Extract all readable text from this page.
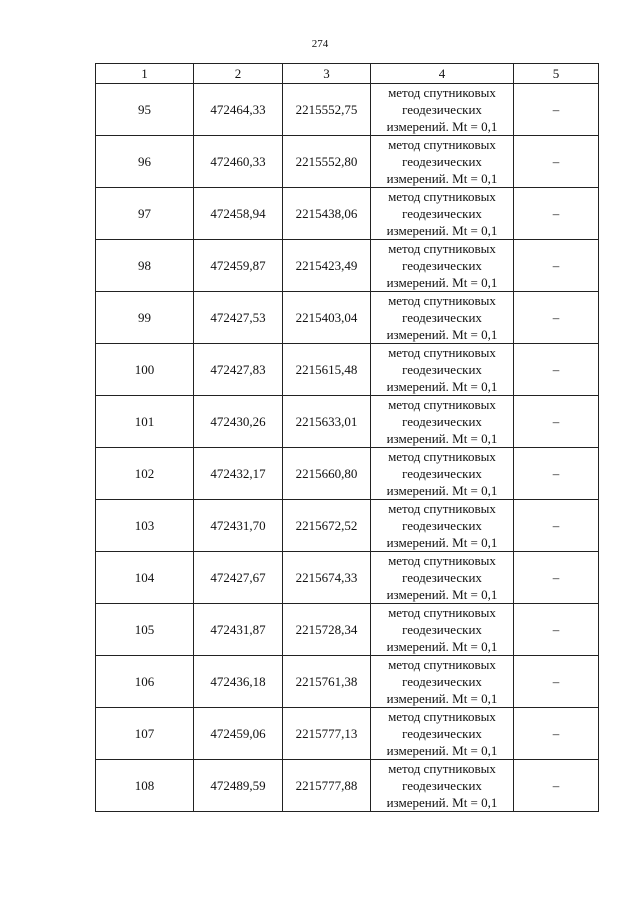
274
1	2	3	4	5
95	472464,33	2215552,75	метод спутниковых
геодезических
измерений. Mt = 0,1	–
96	472460,33	2215552,80	метод спутниковых
геодезических
измерений. Mt = 0,1	–
97	472458,94	2215438,06	метод спутниковых
геодезических
измерений. Mt = 0,1	–
98	472459,87	2215423,49	метод спутниковых
геодезических
измерений. Mt = 0,1	–
99	472427,53	2215403,04	метод спутниковых
геодезических
измерений. Mt = 0,1	–
100	472427,83	2215615,48	метод спутниковых
геодезических
измерений. Mt = 0,1	–
101	472430,26	2215633,01	метод спутниковых
геодезических
измерений. Mt = 0,1	–
102	472432,17	2215660,80	метод спутниковых
геодезических
измерений. Mt = 0,1	–
103	472431,70	2215672,52	метод спутниковых
геодезических
измерений. Mt = 0,1	–
104	472427,67	2215674,33	метод спутниковых
геодезических
измерений. Mt = 0,1	–
105	472431,87	2215728,34	метод спутниковых
геодезических
измерений. Mt = 0,1	–
106	472436,18	2215761,38	метод спутниковых
геодезических
измерений. Mt = 0,1	–
107	472459,06	2215777,13	метод спутниковых
геодезических
измерений. Mt = 0,1	–
108	472489,59	2215777,88	метод спутниковых
геодезических
измерений. Mt = 0,1	–
